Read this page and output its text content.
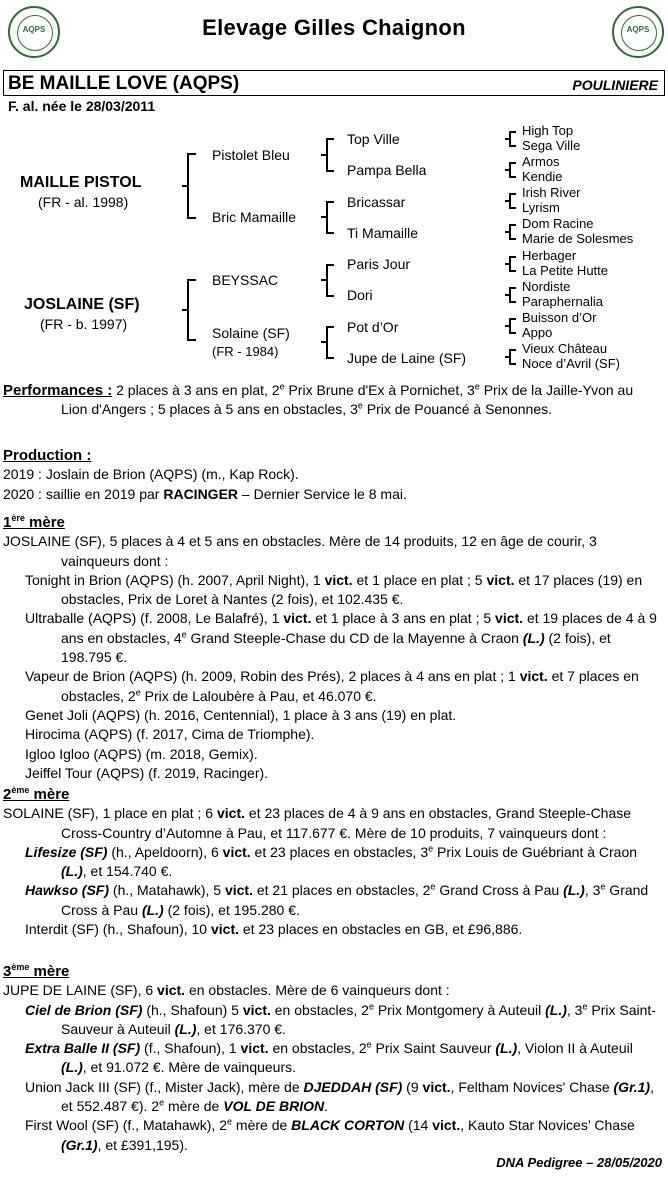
AQPS	AQPS
Elevage Gilles Chaignon
BE MAILLE LOVE (AQPS)	POULINIERE
F. al. née le 28/03/2011
MAILLE PISTOL
(FR - al. 1998)
JOSLAINE (SF)
(FR - b. 1997)
Pistolet Bleu
Bric Mamaille
BEYSSAC
Solaine (SF)
(FR - 1984)
Top Ville
Pampa Bella
Bricassar
Ti Mamaille
Paris Jour
Dori
Pot d’Or
Jupe de Laine (SF)
High Top
Sega Ville
Armos
Kendie
Irish River
Lyrism
Dom Racine
Marie de Solesmes
Herbager
La Petite Hutte
Nordiste
Paraphernalia
Buisson d’Or
Appo
Vieux Château
Noce d’Avril (SF)

Performances : 2 places à 3 ans en plat, 2e Prix Brune d'Ex à Pornichet, 3e Prix de la Jaille-Yvon au Lion d'Angers ; 5 places à 5 ans en obstacles, 3e Prix de Pouancé à Senonnes.

Production :

2019 : Joslain de Brion (AQPS) (m., Kap Rock).

2020 : saillie en 2019 par RACINGER – Dernier Service le 8 mai.

1ère mère

JOSLAINE (SF), 5 places à 4 et 5 ans en obstacles. Mère de 14 produits, 12 en âge de courir, 3 vainqueurs dont :

Tonight in Brion (AQPS) (h. 2007, April Night), 1 vict. et 1 place en plat ; 5 vict. et 17 places (19) en obstacles, Prix de Loret à Nantes (2 fois), et 102.435 €.

Ultraballe (AQPS) (f. 2008, Le Balafré), 1 vict. et 1 place à 3 ans en plat ; 5 vict. et 19 places de 4 à 9 ans en obstacles, 4e Grand Steeple-Chase du CD de la Mayenne à Craon (L.) (2 fois), et 198.795 €.

Vapeur de Brion (AQPS) (h. 2009, Robin des Prés), 2 places à 4 ans en plat ; 1 vict. et 7 places en obstacles, 2e Prix de Laloubère à Pau, et 46.070 €.

Genet Joli (AQPS) (h. 2016, Centennial), 1 place à 3 ans (19) en plat.

Hirocima (AQPS) (f. 2017, Cima de Triomphe).

Igloo Igloo (AQPS) (m. 2018, Gemix).

Jeiffel Tour (AQPS) (f. 2019, Racinger).

2ème mère

SOLAINE (SF), 1 place en plat ; 6 vict. et 23 places de 4 à 9 ans en obstacles, Grand Steeple-Chase Cross-Country d’Automne à Pau, et 117.677 €. Mère de 10 produits, 7 vainqueurs dont :

Lifesize (SF) (h., Apeldoorn), 6 vict. et 23 places en obstacles, 3e Prix Louis de Guébriant à Craon (L.), et 154.740 €.

Hawkso (SF) (h., Matahawk), 5 vict. et 21 places en obstacles, 2e Grand Cross à Pau (L.), 3e Grand Cross à Pau (L.) (2 fois), et 195.280 €.

Interdit (SF) (h., Shafoun), 10 vict. et 23 places en obstacles en GB, et £96,886.

3ème mère

JUPE DE LAINE (SF), 6 vict. en obstacles. Mère de 6 vainqueurs dont :

Ciel de Brion (SF) (h., Shafoun) 5 vict. en obstacles, 2e Prix Montgomery à Auteuil (L.), 3e Prix Saint-Sauveur à Auteuil (L.), et 176.370 €.

Extra Balle II (SF) (f., Shafoun), 1 vict. en obstacles, 2e Prix Saint Sauveur (L.), Violon II à Auteuil (L.), et 91.072 €. Mère de vainqueurs.

Union Jack III (SF) (f., Mister Jack), mère de DJEDDAH (SF) (9 vict., Feltham Novices' Chase (Gr.1), et 552.487 €). 2e mère de VOL DE BRION.

First Wool (SF) (f., Matahawk), 2e mère de BLACK CORTON (14 vict., Kauto Star Novices’ Chase (Gr.1), et £391,195).

DNA Pedigree – 28/05/2020
